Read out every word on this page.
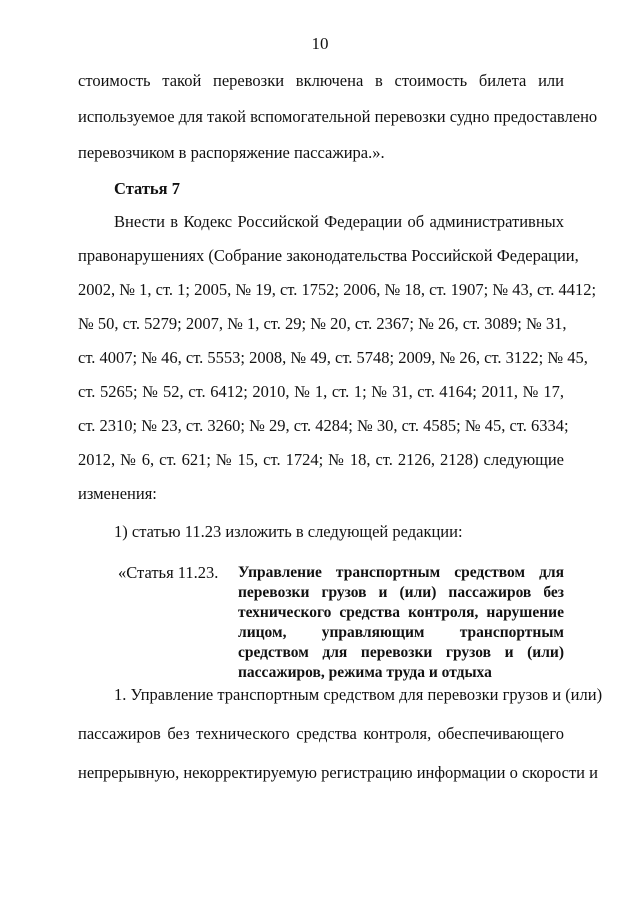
10
стоимость такой перевозки включена в стоимость билета или
используемое для такой вспомогательной перевозки судно предоставлено
перевозчиком в распоряжение пассажира.».
Статья 7
Внести в Кодекс Российской Федерации об административных
правонарушениях (Собрание законодательства Российской Федерации,
2002, № 1, ст. 1; 2005, № 19, ст. 1752; 2006, № 18, ст. 1907; № 43, ст. 4412;
№ 50, ст. 5279; 2007, № 1, ст. 29; № 20, ст. 2367; № 26, ст. 3089; № 31,
ст. 4007; № 46, ст. 5553; 2008, № 49, ст. 5748; 2009, № 26, ст. 3122; № 45,
ст. 5265; № 52, ст. 6412; 2010, № 1, ст. 1; № 31, ст. 4164; 2011, № 17,
ст. 2310; № 23, ст. 3260; № 29, ст. 4284; № 30, ст. 4585; № 45, ст. 6334;
2012, № 6, ст. 621; № 15, ст. 1724; № 18, ст. 2126, 2128) следующие
изменения:
1) статью 11.23 изложить в следующей редакции:
«Статья 11.23. Управление транспортным средством для
перевозки грузов и (или) пассажиров без
технического средства контроля, нарушение
лицом, управляющим транспортным
средством для перевозки грузов и (или)
пассажиров, режима труда и отдыха
1. Управление транспортным средством для перевозки грузов и (или)
пассажиров без технического средства контроля, обеспечивающего
непрерывную, некорректируемую регистрацию информации о скорости и
